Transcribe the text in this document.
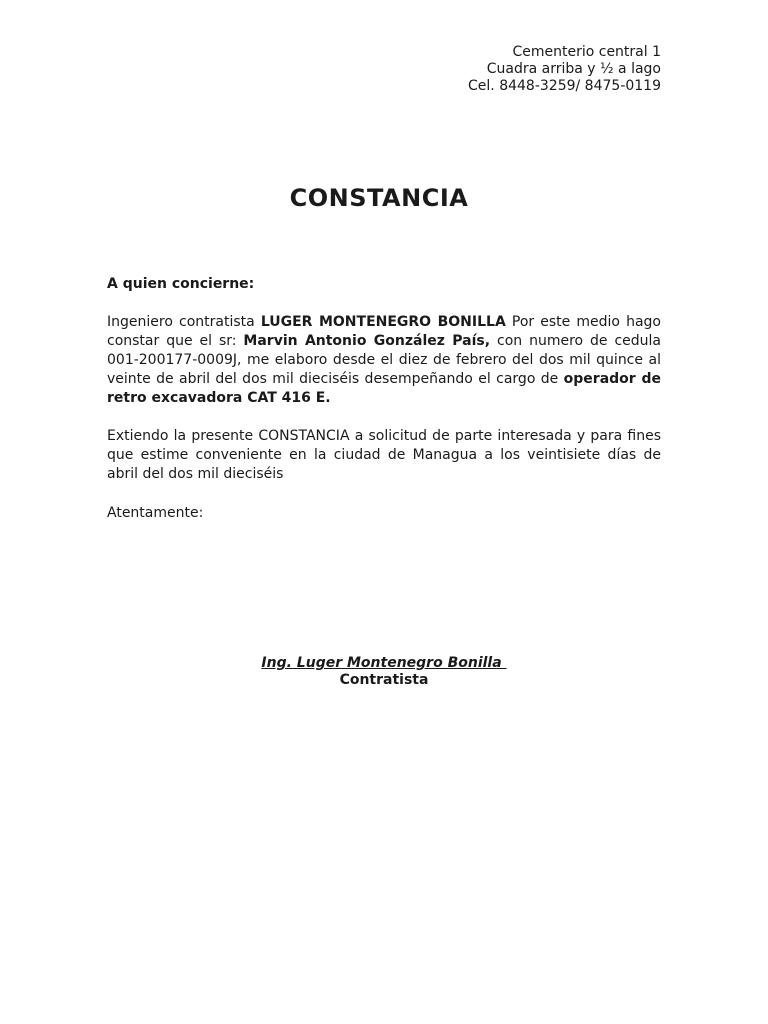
Cementerio central 1
Cuadra arriba y ½ a lago
Cel. 8448-3259/ 8475-0119
CONSTANCIA
A quien concierne:
Ingeniero contratista LUGER MONTENEGRO BONILLA Por este medio hago constar que el sr: Marvin Antonio González País, con numero de cedula 001-200177-0009J, me elaboro desde el diez de febrero del dos mil quince al veinte de abril del dos mil dieciséis desempeñando el cargo de operador de retro excavadora CAT 416 E.
Extiendo la presente CONSTANCIA a solicitud de parte interesada y para fines que estime conveniente en la ciudad de Managua a los veintisiete días de abril del dos mil dieciséis
Atentamente:
Ing. Luger Montenegro Bonilla
Contratista
